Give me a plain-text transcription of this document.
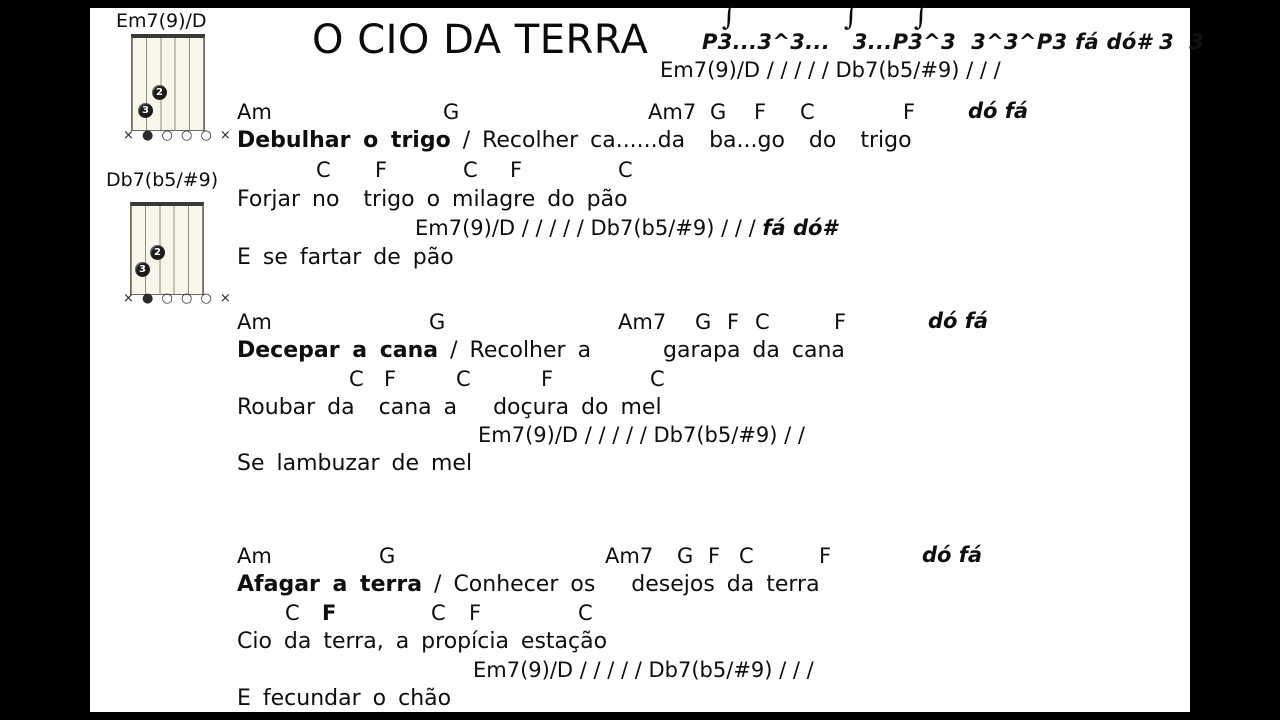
O CIO DA TERRA
∫	∫ ∫
P3...3^3...   3...P3^3  3^3^P3 fá dó# 3  3
Em7(9)/D / / / / / Db7(b5/#9) / / /
Em7(9)/D
2
3
× ● ○ ○ ○ ×
Db7(b5/#9)
2
3
× ● ○ ○ ○ ×
Am	G	Am7 G F C	F	dó fá
Debulhar o trigo / Recolher ca......da  ba...go  do  trigo
C F	C F	C
Forjar no  trigo o milagre do pão
Em7(9)/D / / / / / Db7(b5/#9) / / / fá dó#
E se fartar de pão
Am	G	Am7 G F C	F	dó fá
Decepar a cana / Recolher a      garapa da cana
C F	C	F	C
Roubar da  cana a   doçura do mel
Em7(9)/D / / / / / Db7(b5/#9) / /
Se lambuzar de mel
Am	G	Am7 G F C	F	dó fá
Afagar a terra / Conhecer os   desejos da terra
C F	C F	C
Cio da terra, a propícia estação
Em7(9)/D / / / / / Db7(b5/#9) / / /
E fecundar o chão
